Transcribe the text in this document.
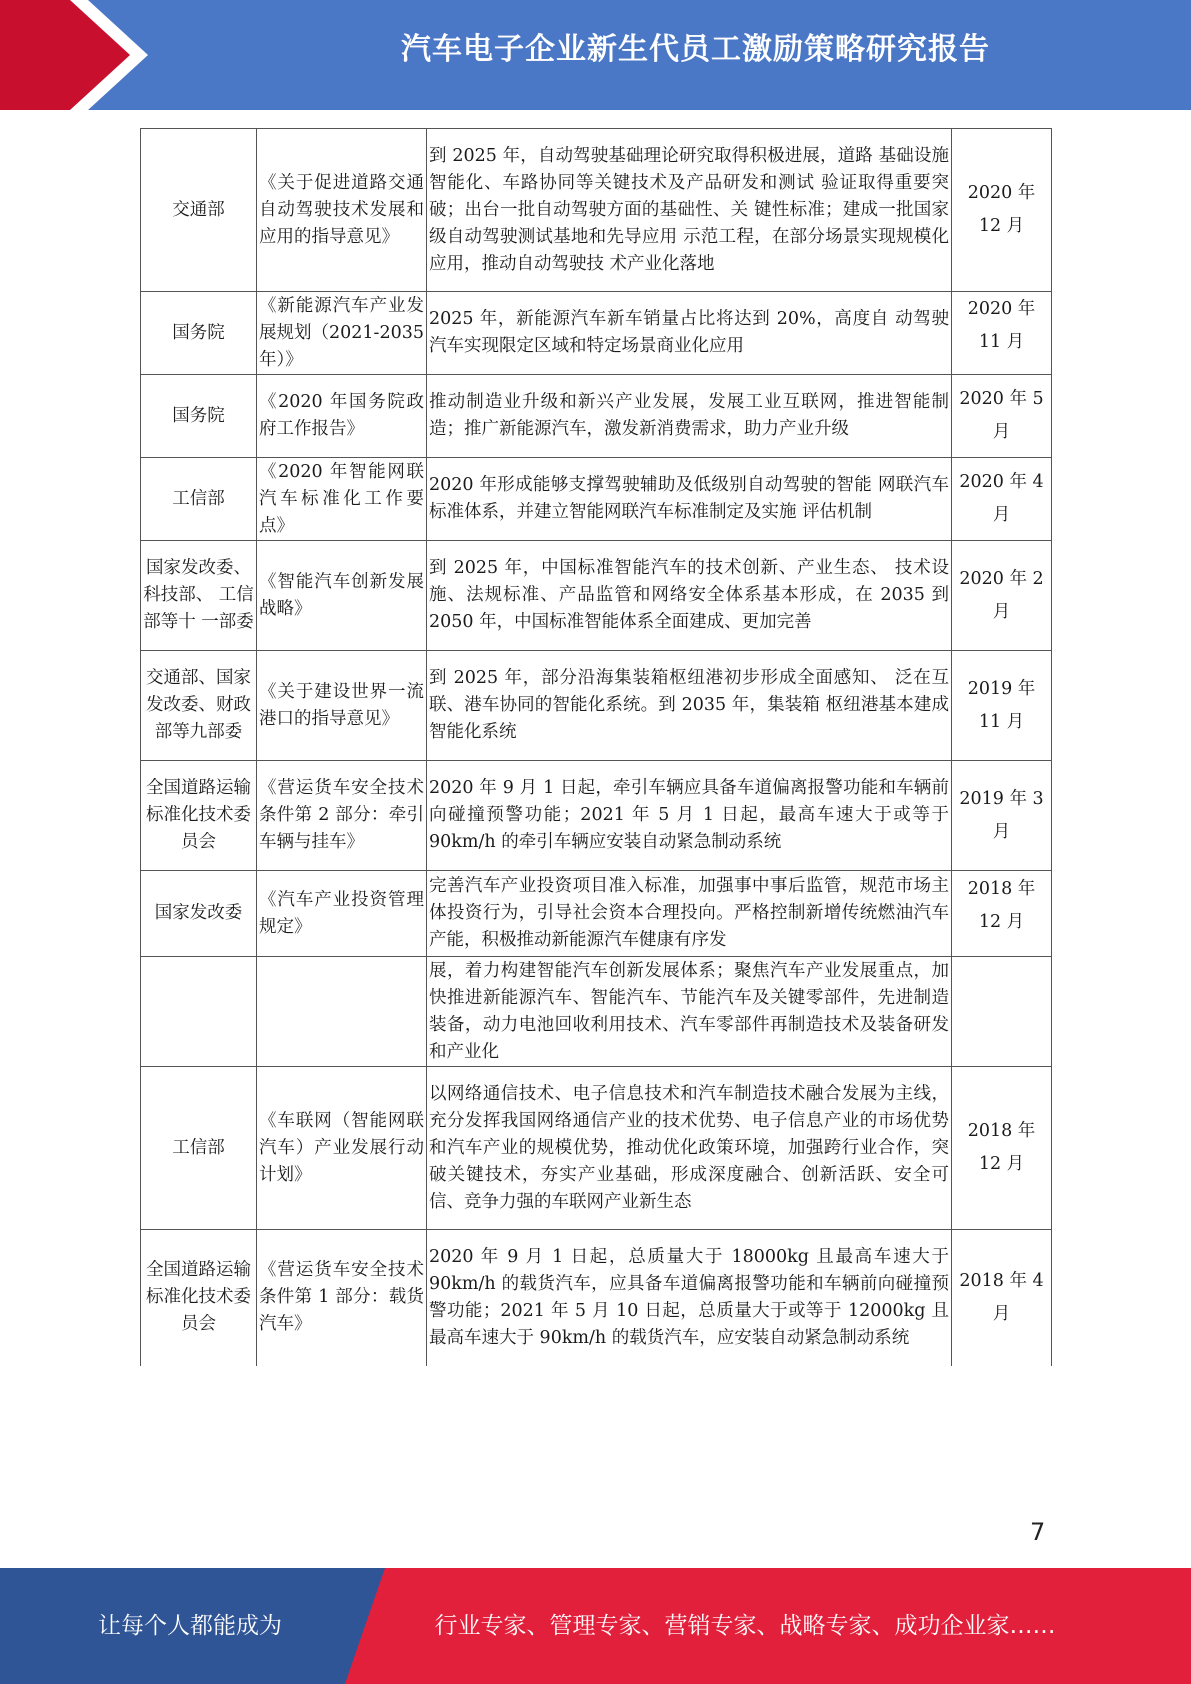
汽车电子企业新生代员工激励策略研究报告
交通部	《关于促进道路交通自动驾驶技术发展和应用的指导意见》	到 2025 年，自动驾驶基础理论研究取得积极进展，道路 基础设施智能化、车路协同等关键技术及产品研发和测试 验证取得重要突破；出台一批自动驾驶方面的基础性、关 键性标准；建成一批国家级自动驾驶测试基地和先导应用 示范工程，在部分场景实现规模化应用，推动自动驾驶技 术产业化落地	2020 年 12 月
国务院	《新能源汽车产业发展规划（2021-2035 年）》	2025 年，新能源汽车新车销量占比将达到 20%，高度自 动驾驶汽车实现限定区域和特定场景商业化应用	2020 年 11 月

国务院	《2020 年国务院政府工作报告》	推动制造业升级和新兴产业发展，发展工业互联网，推进智能制造；推广新能源汽车，激发新消费需求，助力产业升级	2020 年 5 月
工信部	《2020 年智能网联汽车标准化工作要点》	2020 年形成能够支撑驾驶辅助及低级别自动驾驶的智能 网联汽车标准体系，并建立智能网联汽车标准制定及实施 评估机制	2020 年 4 月
国家发改委、科技部、 工信部等十 一部委	《智能汽车创新发展战略》	到 2025 年，中国标准智能汽车的技术创新、产业生态、 技术设施、法规标准、产品监管和网络安全体系基本形成，在 2035 到 2050 年，中国标准智能体系全面建成、更加完善	2020 年 2 月
交通部、国家发改委、财政部等九部委	《关于建设世界一流港口的指导意见》	到 2025 年，部分沿海集装箱枢纽港初步形成全面感知、 泛在互联、港车协同的智能化系统。到 2035 年，集装箱 枢纽港基本建成智能化系统	2019 年 11 月
全国道路运输标准化技术委员会	《营运货车安全技术条件第 2 部分：牵引车辆与挂车》	2020 年 9 月 1 日起，牵引车辆应具备车道偏离报警功能和车辆前向碰撞预警功能；2021 年 5 月 1 日起，最高车速大于或等于 90km/h 的牵引车辆应安装自动紧急制动系统	2019 年 3 月
国家发改委	《汽车产业投资管理规定》	完善汽车产业投资项目准入标准，加强事中事后监管，规范市场主体投资行为，引导社会资本合理投向。严格控制新增传统燃油汽车产能，积极推动新能源汽车健康有序发	2018 年 12 月

		展，着力构建智能汽车创新发展体系；聚焦汽车产业发展重点，加快推进新能源汽车、智能汽车、节能汽车及关键零部件，先进制造装备，动力电池回收利用技术、汽车零部件再制造技术及装备研发和产业化	
工信部	《车联网（智能网联汽车）产业发展行动计划》	以网络通信技术、电子信息技术和汽车制造技术融合发展为主线，充分发挥我国网络通信产业的技术优势、电子信息产业的市场优势和汽车产业的规模优势，推动优化政策环境，加强跨行业合作，突破关键技术，夯实产业基础，形成深度融合、创新活跃、安全可信、竞争力强的车联网产业新生态	2018 年 12 月
全国道路运输标准化技术委员会	《营运货车安全技术条件第 1 部分：载货汽车》	2020 年 9 月 1 日起，总质量大于 18000kg 且最高车速大于 90km/h 的载货汽车，应具备车道偏离报警功能和车辆前向碰撞预警功能；2021 年 5 月 10 日起，总质量大于或等于 12000kg 且最高车速大于 90km/h 的载货汽车，应安装自动紧急制动系统	2018 年 4 月
7
让每个人都能成为	行业专家、管理专家、营销专家、战略专家、成功企业家……
